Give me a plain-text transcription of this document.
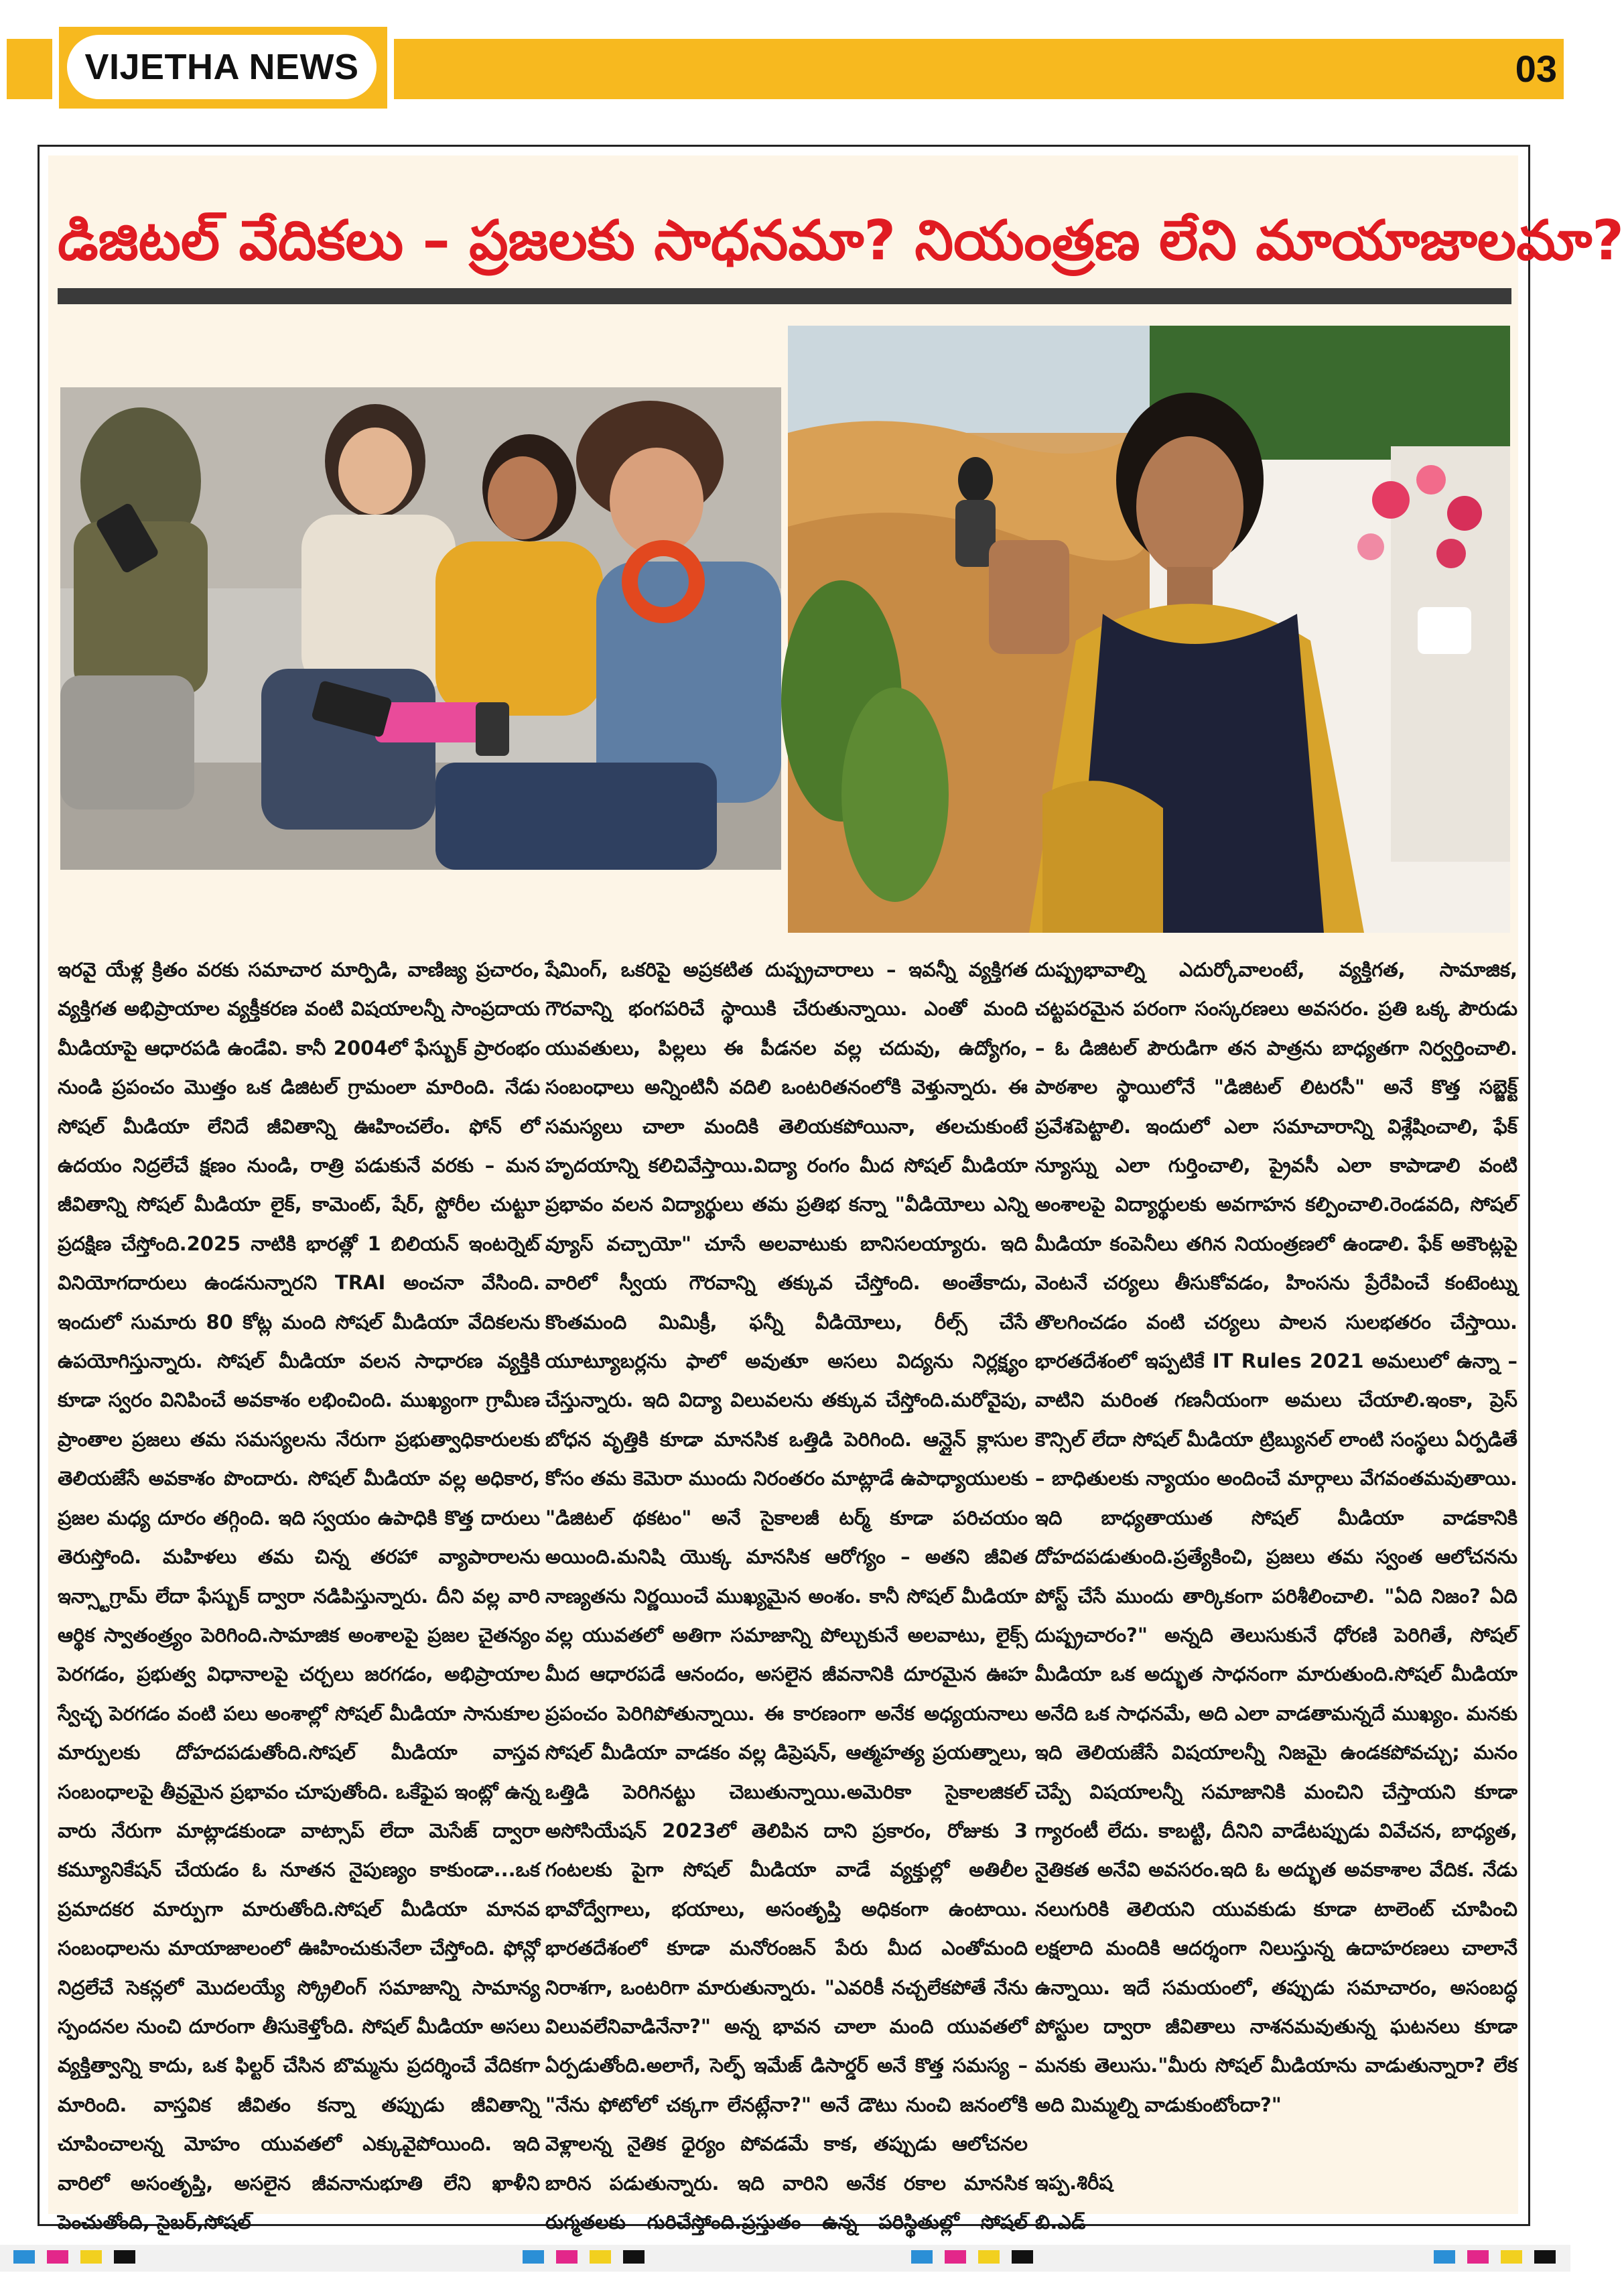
VIJETHA NEWS	03
డిజిటల్ వేదికలు – ప్రజలకు సాధనమా? నియంత్రణ లేని మాయాజాలమా?

ఇరవై యేళ్ల క్రితం వరకు సమాచార మార్పిడి, వాణిజ్య ప్రచారం, వ్యక్తిగత అభిప్రాయాల వ్యక్తీకరణ వంటి విషయాలన్నీ సాంప్రదాయ మీడియాపై ఆధారపడి ఉండేవి. కానీ 2004లో ఫేస్బుక్ ప్రారంభం నుండి ప్రపంచం మొత్తం ఒక డిజిటల్ గ్రామంలా మారింది. నేడు సోషల్ మీడియా లేనిదే జీవితాన్ని ఊహించలేం. ఫోన్ లో ఉదయం నిద్రలేచే క్షణం నుండి, రాత్రి పడుకునే వరకు – మన జీవితాన్ని సోషల్ మీడియా లైక్, కామెంట్, షేర్, స్టోరీల చుట్టూ ప్రదక్షిణ చేస్తోంది.2025 నాటికి భారత్లో 1 బిలియన్ ఇంటర్నెట్ వినియోగదారులు ఉండనున్నారని TRAI అంచనా వేసింది. ఇందులో సుమారు 80 కోట్ల మంది సోషల్ మీడియా వేదికలను ఉపయోగిస్తున్నారు. సోషల్ మీడియా వలన సాధారణ వ్యక్తికి కూడా స్వరం వినిపించే అవకాశం లభించింది. ముఖ్యంగా గ్రామీణ ప్రాంతాల ప్రజలు తమ సమస్యలను నేరుగా ప్రభుత్వాధికారులకు తెలియజేసే అవకాశం పొందారు. సోషల్ మీడియా వల్ల అధికార, ప్రజల మధ్య దూరం తగ్గింది. ఇది స్వయం ఉపాధికి కొత్త దారులు తెరుస్తోంది. మహిళలు తమ చిన్న తరహా వ్యాపారాలను ఇన్స్టాగ్రామ్ లేదా ఫేస్బుక్ ద్వారా నడిపిస్తున్నారు. దీని వల్ల వారి ఆర్థిక స్వాతంత్ర్యం పెరిగింది.సామాజిక అంశాలపై ప్రజల చైతన్యం పెరగడం, ప్రభుత్వ విధానాలపై చర్చలు జరగడం, అభిప్రాయాల స్వేచ్ఛ పెరగడం వంటి పలు అంశాల్లో సోషల్ మీడియా సానుకూల మార్పులకు దోహదపడుతోంది.సోషల్ మీడియా వాస్తవ సంబంధాలపై తీవ్రమైన ప్రభావం చూపుతోంది. ఒకేఫైప ఇంట్లో ఉన్న వారు నేరుగా మాట్లాడకుండా వాట్సాప్ లేదా మెసేజ్ ద్వారా కమ్యూనికేషన్ చేయడం ఓ నూతన నైపుణ్యం కాకుండా...ఒక ప్రమాదకర మార్పుగా మారుతోంది.సోషల్ మీడియా మానవ సంబంధాలను మాయాజాలంలో ఊహించుకునేలా చేస్తోంది. ఫోన్లో నిద్రలేచే సెకన్లలో మొదలయ్యే స్క్రోలింగ్ సమాజాన్ని సామాన్య స్పందనల నుంచి దూరంగా తీసుకెళ్తోంది. సోషల్ మీడియా అసలు వ్యక్తిత్వాన్ని కాదు, ఒక ఫిల్టర్ చేసిన బొమ్మను ప్రదర్శించే వేదికగా మారింది. వాస్తవిక జీవితం కన్నా తప్పుడు జీవితాన్ని చూపించాలన్న మోహం యువతలో ఎక్కువైపోయింది. ఇది వారిలో అసంతృప్తి, అసలైన జీవనానుభూతి లేని ఖాళీని పెంచుతోంది, సైబర్,సోషల్

షేమింగ్, ఒకరిపై అప్రకటిత దుష్ప్రచారాలు – ఇవన్నీ వ్యక్తిగత గౌరవాన్ని భంగపరిచే స్థాయికి చేరుతున్నాయి. ఎంతో మంది యువతులు, పిల్లలు ఈ పీడనల వల్ల చదువు, ఉద్యోగం, సంబంధాలు అన్నింటినీ వదిలి ఒంటరితనంలోకి వెళ్తున్నారు. ఈ సమస్యలు చాలా మందికి తెలియకపోయినా, తలచుకుంటే హృదయాన్ని కలిచివేస్తాయి.విద్యా రంగం మీద సోషల్ మీడియా ప్రభావం వలన విద్యార్థులు తమ ప్రతిభ కన్నా "వీడియోలు ఎన్ని వ్యూస్ వచ్చాయో" చూసే అలవాటుకు బానిసలయ్యారు. ఇది వారిలో స్వీయ గౌరవాన్ని తక్కువ చేస్తోంది. అంతేకాదు, కొంతమంది మిమిక్రీ, ఫన్నీ వీడియోలు, రీల్స్ చేసే యూట్యూబర్లను ఫాలో అవుతూ అసలు విద్యను నిర్లక్ష్యం చేస్తున్నారు. ఇది విద్యా విలువలను తక్కువ చేస్తోంది.మరోవైపు, బోధన వృత్తికి కూడా మానసిక ఒత్తిడి పెరిగింది. ఆన్లైన్ క్లాసుల కోసం తమ కెమెరా ముందు నిరంతరం మాట్లాడే ఉపాధ్యాయులకు "డిజిటల్ థకటం" అనే సైకాలజీ టర్మ్ కూడా పరిచయం అయింది.మనిషి యొక్క మానసిక ఆరోగ్యం – అతని జీవిత నాణ్యతను నిర్ణయించే ముఖ్యమైన అంశం. కానీ సోషల్ మీడియా వల్ల యువతలో అతిగా సమాజాన్ని పోల్చుకునే అలవాటు, లైక్స్ మీద ఆధారపడే ఆనందం, అసలైన జీవనానికి దూరమైన ఊహ ప్రపంచం పెరిగిపోతున్నాయి. ఈ కారణంగా అనేక అధ్యయనాలు సోషల్ మీడియా వాడకం వల్ల డిప్రెషన్, ఆత్మహత్య ప్రయత్నాలు, ఒత్తిడి పెరిగినట్టు చెబుతున్నాయి.అమెరికా సైకాలజికల్ అసోసియేషన్ 2023లో తెలిపిన దాని ప్రకారం, రోజుకు 3 గంటలకు పైగా సోషల్ మీడియా వాడే వ్యక్తుల్లో అతిలీల భావోద్వేగాలు, భయాలు, అసంతృప్తి అధికంగా ఉంటాయి. భారతదేశంలో కూడా మనోరంజన్ పేరు మీద ఎంతోమంది నిరాశగా, ఒంటరిగా మారుతున్నారు. "ఎవరికీ నచ్చలేకపోతే నేను విలువలేనివాడినేనా?" అన్న భావన చాలా మంది యువతలో ఏర్పడుతోంది.అలాగే, సెల్ఫ్ ఇమేజ్ డిసార్డర్ అనే కొత్త సమస్య – "నేను ఫోటోలో చక్కగా లేనట్లేనా?" అనే డౌటు నుంచి జనంలోకి వెళ్లాలన్న నైతిక ధైర్యం పోవడమే కాక, తప్పుడు ఆలోచనల బారిన పడుతున్నారు. ఇది వారిని అనేక రకాల మానసిక రుగ్మతలకు గురిచేస్తోంది.ప్రస్తుతం ఉన్న పరిస్థితుల్లో సోషల్

దుష్ప్రభావాల్ని ఎదుర్కోవాలంటే, వ్యక్తిగత, సామాజిక, చట్టపరమైన పరంగా సంస్కరణలు అవసరం. ప్రతి ఒక్క పౌరుడు – ఓ డిజిటల్ పౌరుడిగా తన పాత్రను బాధ్యతగా నిర్వర్తించాలి. పాఠశాల స్థాయిలోనే "డిజిటల్ లిటరసీ" అనే కొత్త సబ్జెక్ట్ ప్రవేశపెట్టాలి. ఇందులో ఎలా సమాచారాన్ని విశ్లేషించాలి, ఫేక్ న్యూస్ను ఎలా గుర్తించాలి, ప్రైవసీ ఎలా కాపాడాలి వంటి అంశాలపై విద్యార్థులకు అవగాహన కల్పించాలి.రెండవది, సోషల్ మీడియా కంపెనీలు తగిన నియంత్రణలో ఉండాలి. ఫేక్ అకౌంట్లపై వెంటనే చర్యలు తీసుకోవడం, హింసను ప్రేరేపించే కంటెంట్ను తొలగించడం వంటి చర్యలు పాలన సులభతరం చేస్తాయి. భారతదేశంలో ఇప్పటికే IT Rules 2021 అమలులో ఉన్నా – వాటిని మరింత గణనీయంగా అమలు చేయాలి.ఇంకా, ప్రెస్ కౌన్సిల్ లేదా సోషల్ మీడియా ట్రిబ్యునల్ లాంటి సంస్థలు ఏర్పడితే – బాధితులకు న్యాయం అందించే మార్గాలు వేగవంతమవుతాయి. ఇది బాధ్యతాయుత సోషల్ మీడియా వాడకానికి దోహదపడుతుంది.ప్రత్యేకించి, ప్రజలు తమ స్వంత ఆలోచనను పోస్ట్ చేసే ముందు తార్కికంగా పరిశీలించాలి. "ఏది నిజం? ఏది దుష్ప్రచారం?" అన్నది తెలుసుకునే ధోరణి పెరిగితే, సోషల్ మీడియా ఒక అద్భుత సాధనంగా మారుతుంది.సోషల్ మీడియా అనేది ఒక సాధనమే, అది ఎలా వాడతామన్నదే ముఖ్యం. మనకు ఇది తెలియజేసే విషయాలన్నీ నిజమై ఉండకపోవచ్చు; మనం చెప్పే విషయాలన్నీ సమాజానికి మంచిని చేస్తాయని కూడా గ్యారంటీ లేదు. కాబట్టి, దీనిని వాడేటప్పుడు వివేచన, బాధ్యత, నైతికత అనేవి అవసరం.ఇది ఓ అద్భుత అవకాశాల వేదిక. నేడు నలుగురికి తెలియని యువకుడు కూడా టాలెంట్ చూపించి లక్షలాది మందికి ఆదర్శంగా నిలుస్తున్న ఉదాహరణలు చాలానే ఉన్నాయి. ఇదే సమయంలో, తప్పుడు సమాచారం, అసంబద్ధ పోస్టుల ద్వారా జీవితాలు నాశనమవుతున్న ఘటనలు కూడా మనకు తెలుసు."మీరు సోషల్ మీడియాను వాడుతున్నారా? లేక అది మిమ్మల్ని వాడుకుంటోందా?"

ఇప్ప.శిరీష

బి.ఎడ్
